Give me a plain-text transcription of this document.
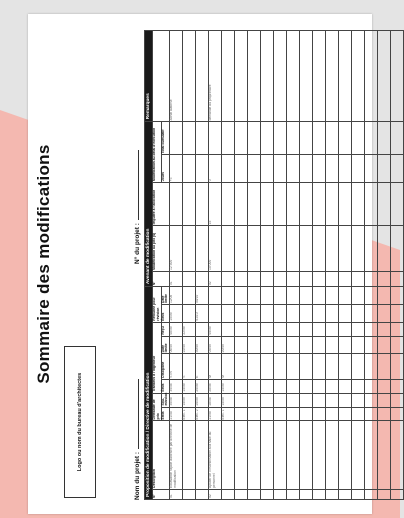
Sommaire des modifications
Logo ou nom du bureau d’architectes
Nom du projet :
N° du projet :
Proposition de modification / Directive de modification										Avenant de modification					Remarques
N°	Description	Demande de prix		Transmis à l’ingénieur				Retourné pour révision		N°	Modification au prix ($)	Imputée à l’allocation	Modification au délai d’exécution		
		Émis	Sou-mission	Émis	Discipline	Date limite	Reçu								
								Émis	Date limite				Jours	Total cumulatif	
01	Excavation rapide autorisée par directive de modification	21/08	30/08	30/08	STR	06/09	08/09	10/09	12/09	01	12 500		+3		Achat autorisé
		Élec. 1	15/09	15/09	S	22/09	22/09								
		Élec. 2	20/09	20/09	E	30/09		01/10	05/10						
02	Ajouter de l’insonorisation à la salle du personnel	21/08	28/08	28/08	M	03/09	05/09			02	15 000	15	0		demande du propriétaire
		Élec. 1	15/09	15/09	M	20/09									
